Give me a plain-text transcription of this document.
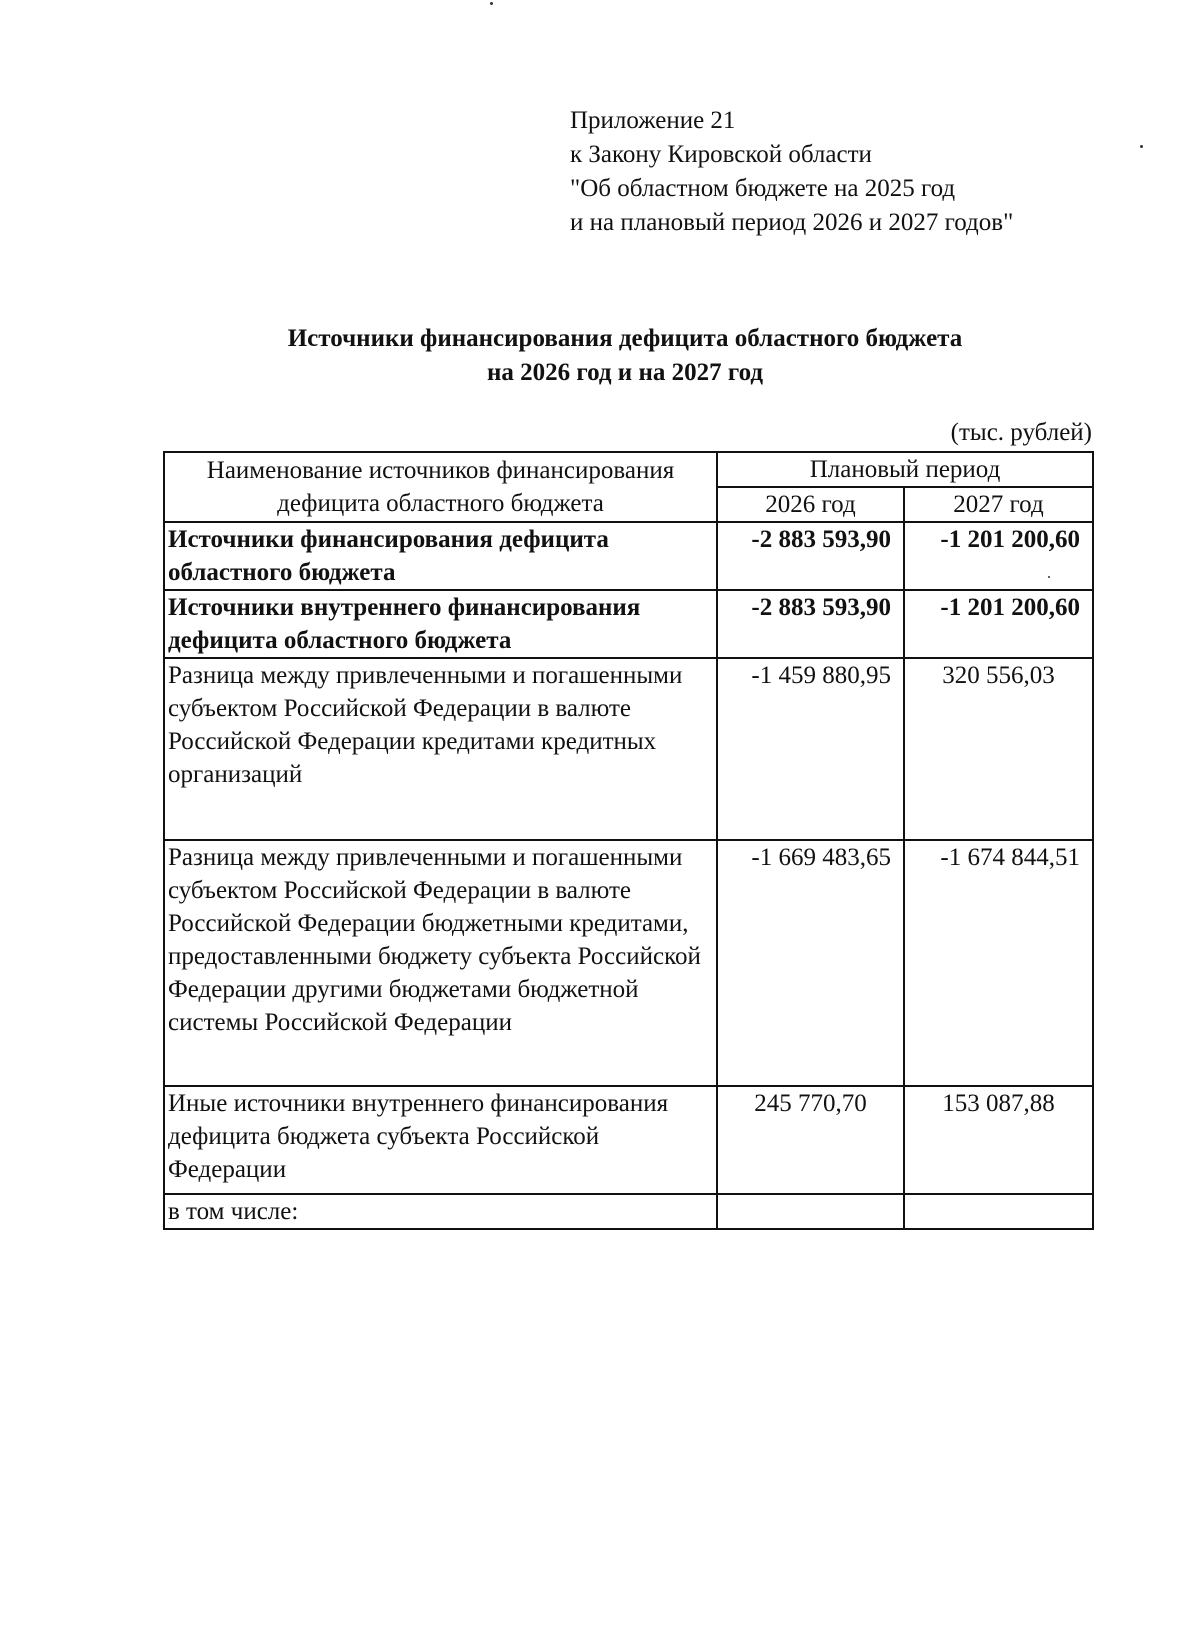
Приложение 21
к Закону Кировской области
"Об областном бюджете на 2025 год
и на плановый период 2026 и 2027 годов"
Источники финансирования дефицита областного бюджета
на 2026 год и на 2027 год
(тыс. рублей)
Наименование источников финансирования дефицита областного бюджета	Плановый период	
	2026 год	2027 год
Источники финансирования дефицита областного бюджета	-2 883 593,90	-1 201 200,60
Источники внутреннего финансирования дефицита областного бюджета	-2 883 593,90	-1 201 200,60
Разница между привлеченными и погашенными субъектом Российской Федерации в валюте Российской Федерации кредитами кредитных организаций	-1 459 880,95	320 556,03
Разница между привлеченными и погашенными субъектом Российской Федерации в валюте Российской Федерации бюджетными кредитами, предоставленными бюджету субъекта Российской Федерации другими бюджетами бюджетной системы Российской Федерации	-1 669 483,65	-1 674 844,51
Иные источники внутреннего финансирования дефицита бюджета субъекта Российской Федерации	245 770,70	153 087,88
в том числе:		
